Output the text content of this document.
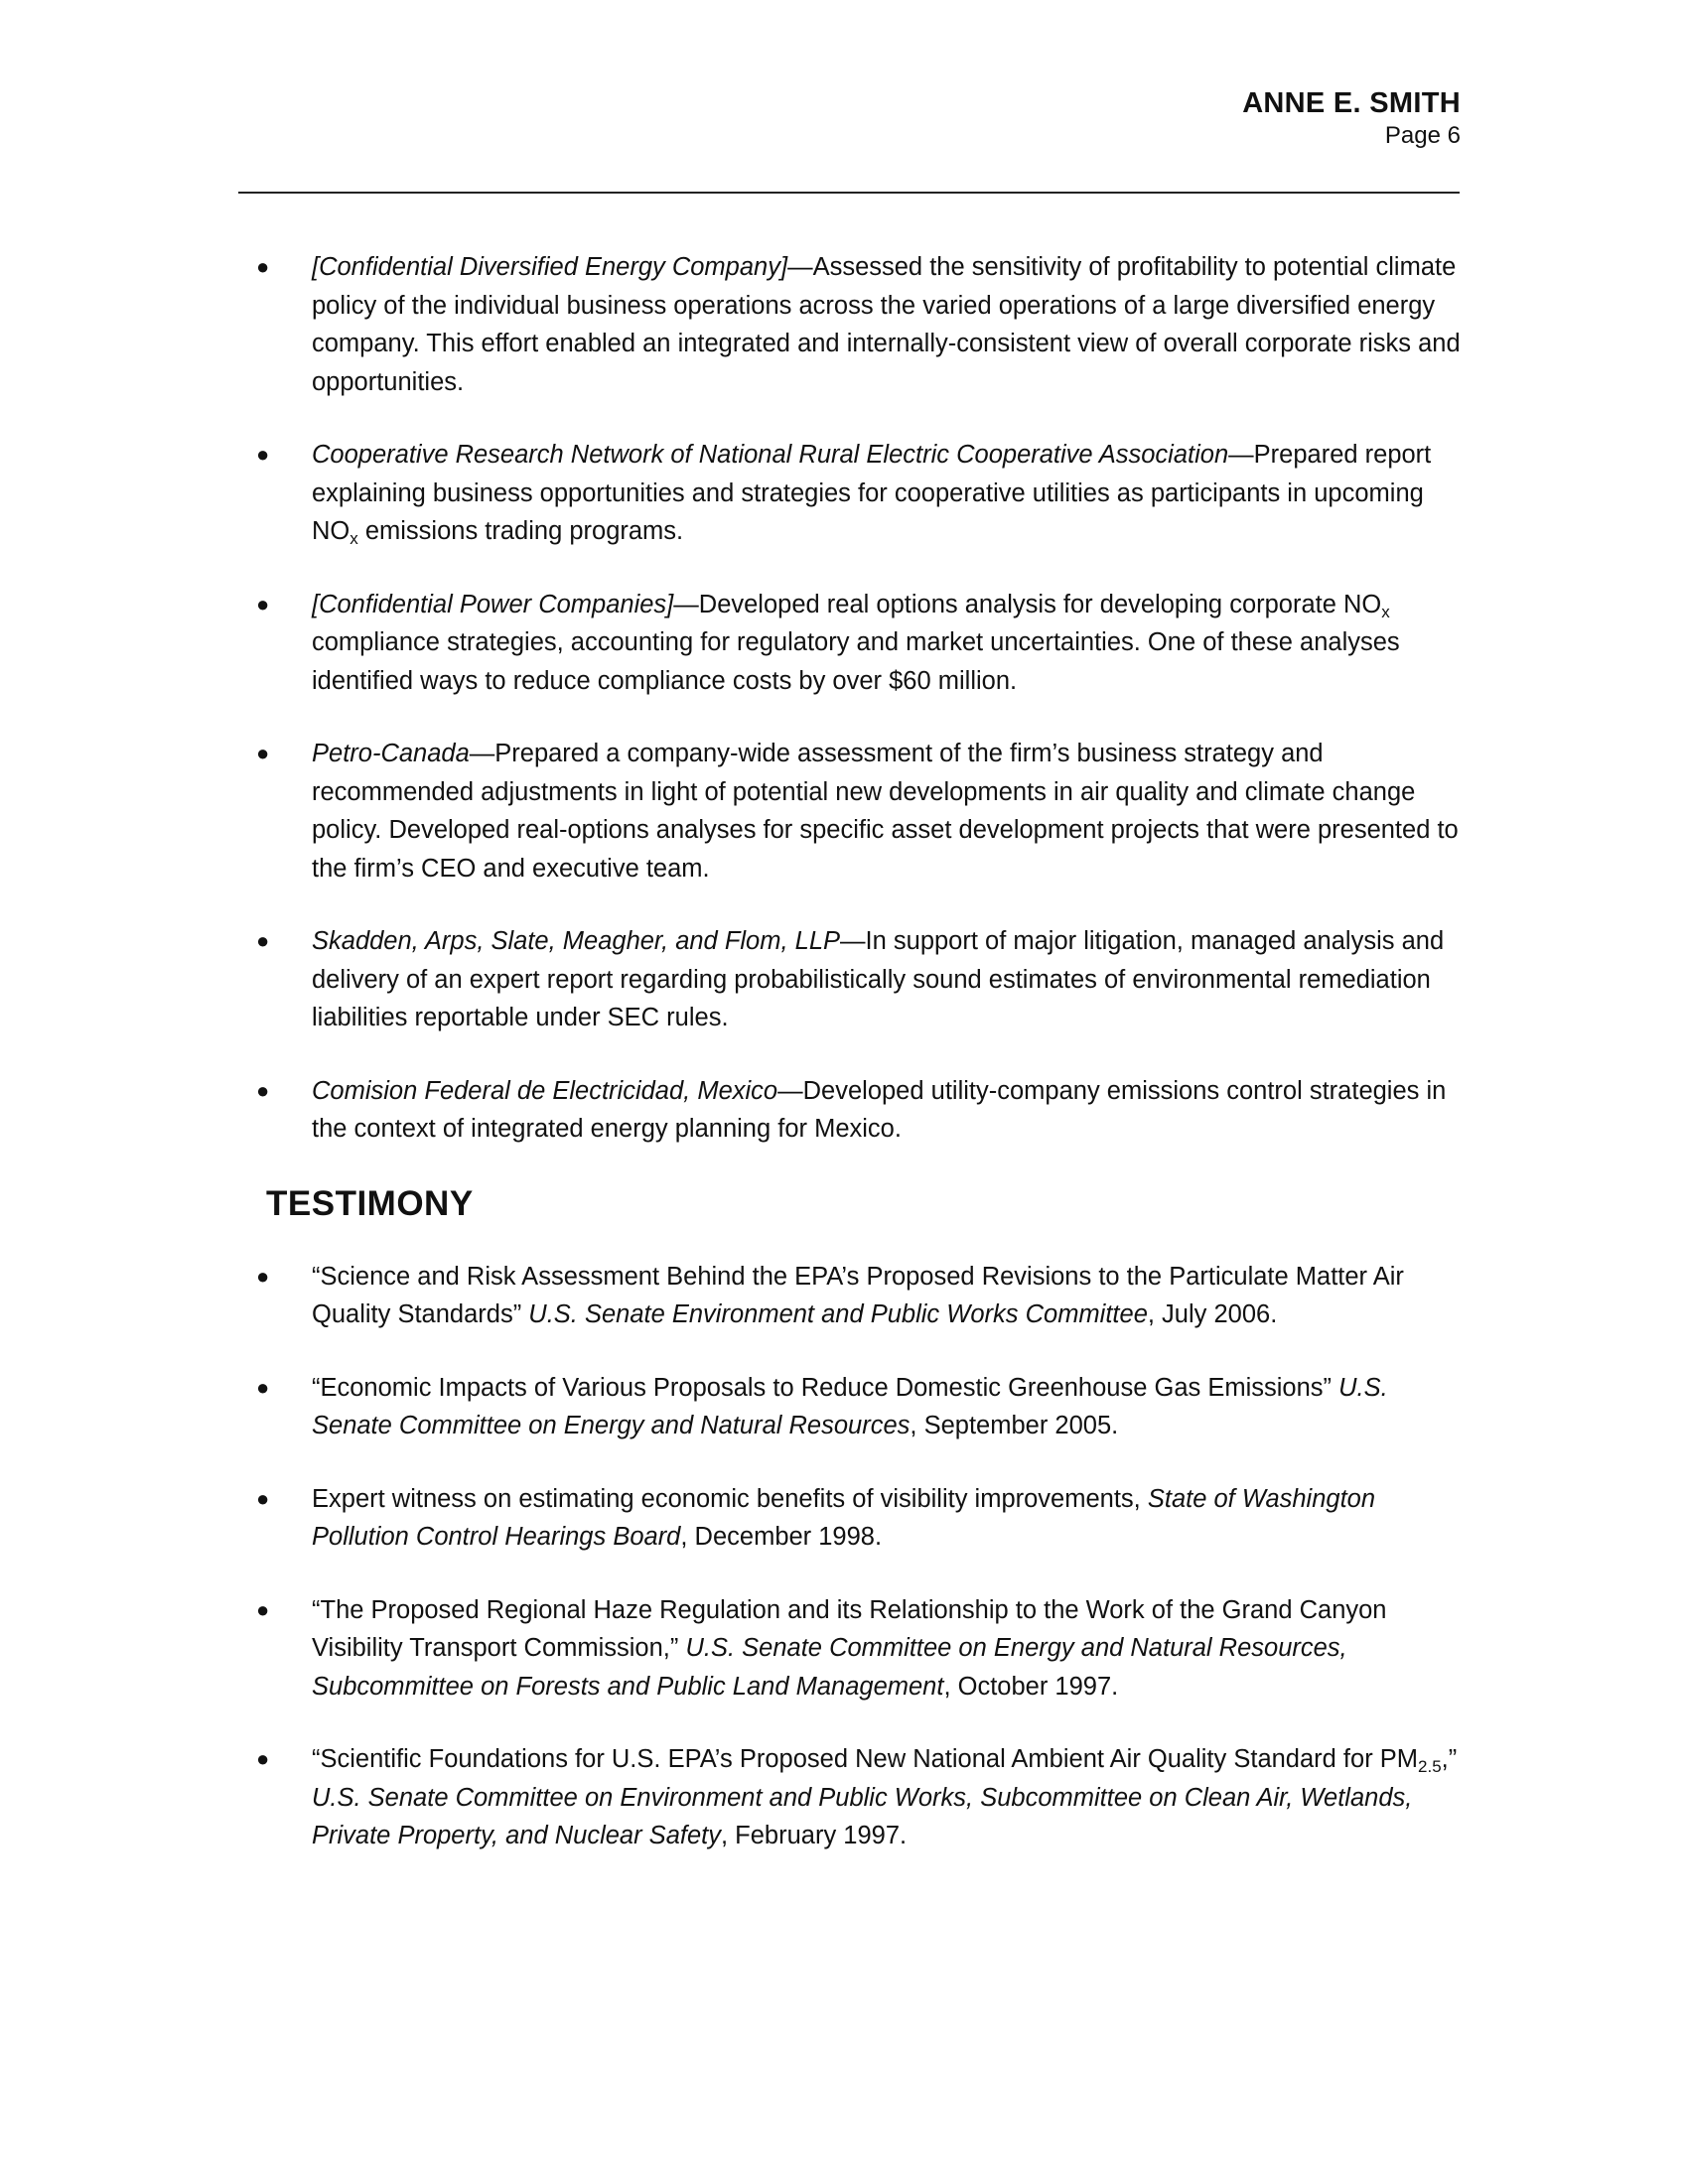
ANNE E. SMITH
Page 6
● [Confidential Diversified Energy Company]—Assessed the sensitivity of profitability to potential climate policy of the individual business operations across the varied operations of a large diversified energy company. This effort enabled an integrated and internally-consistent view of overall corporate risks and opportunities.
● Cooperative Research Network of National Rural Electric Cooperative Association—Prepared report explaining business opportunities and strategies for cooperative utilities as participants in upcoming $NO_x$ emissions trading programs.
● [Confidential Power Companies]—Developed real options analysis for developing corporate $NO_x$ compliance strategies, accounting for regulatory and market uncertainties. One of these analyses identified ways to reduce compliance costs by over $60 million.
● Petro-Canada—Prepared a company-wide assessment of the firm’s business strategy and recommended adjustments in light of potential new developments in air quality and climate change policy. Developed real-options analyses for specific asset development projects that were presented to the firm’s CEO and executive team.
● Skadden, Arps, Slate, Meagher, and Flom, LLP—In support of major litigation, managed analysis and delivery of an expert report regarding probabilistically sound estimates of environmental remediation liabilities reportable under SEC rules.
● Comision Federal de Electricidad, Mexico—Developed utility-company emissions control strategies in the context of integrated energy planning for Mexico.
TESTIMONY
● “Science and Risk Assessment Behind the EPA’s Proposed Revisions to the Particulate Matter Air Quality Standards” U.S. Senate Environment and Public Works Committee, July 2006.
● “Economic Impacts of Various Proposals to Reduce Domestic Greenhouse Gas Emissions” U.S. Senate Committee on Energy and Natural Resources, September 2005.
● Expert witness on estimating economic benefits of visibility improvements, State of Washington Pollution Control Hearings Board, December 1998.
● “The Proposed Regional Haze Regulation and its Relationship to the Work of the Grand Canyon Visibility Transport Commission,” U.S. Senate Committee on Energy and Natural Resources, Subcommittee on Forests and Public Land Management, October 1997.
● “Scientific Foundations for U.S. EPA’s Proposed New National Ambient Air Quality Standard for $PM_{2.5}$,” U.S. Senate Committee on Environment and Public Works, Subcommittee on Clean Air, Wetlands, Private Property, and Nuclear Safety, February 1997.
